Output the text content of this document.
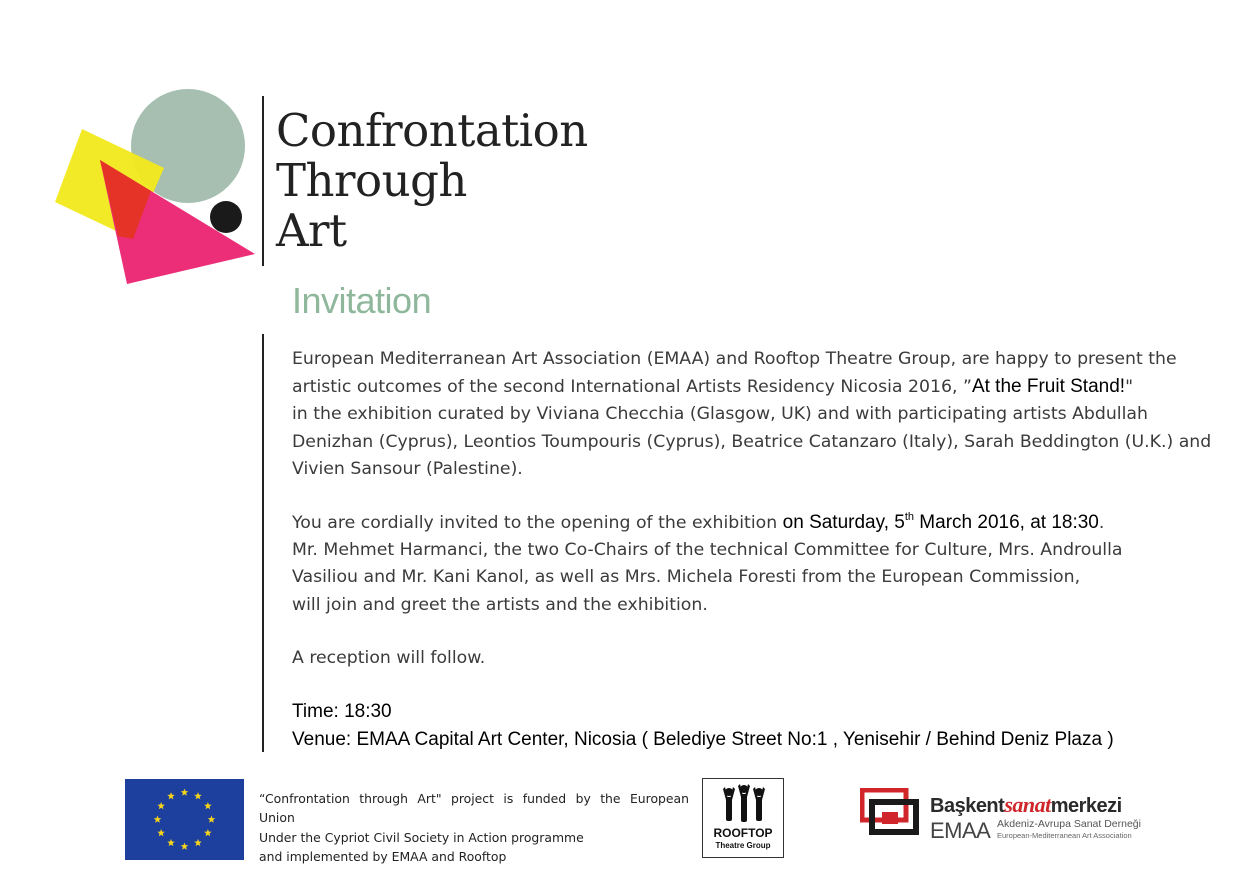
Confrontation
Through
Art
Invitation

European Mediterranean Art Association (EMAA) and Rooftop Theatre Group, are happy to present the

artistic outcomes of the second International Artists Residency Nicosia 2016, ”At the Fruit Stand!"

in the exhibition curated by Viviana Checchia (Glasgow, UK) and with participating artists Abdullah

Denizhan (Cyprus), Leontios Toumpouris (Cyprus), Beatrice Catanzaro (Italy), Sarah Beddington (U.K.) and

Vivien Sansour (Palestine).

You are cordially invited to the opening of the exhibition on Saturday, 5th March 2016, at 18:30.

Mr. Mehmet Harmanci, the two Co-Chairs of the technical Committee for Culture, Mrs. Androulla

Vasiliou and Mr. Kani Kanol, as well as Mrs. Michela Foresti from the European Commission,

will join and greet the artists and the exhibition.

A reception will follow.

Time: 18:30

Venue: EMAA Capital Art Center, Nicosia ( Belediye Street No:1 , Yenisehir / Behind Deniz Plaza )

“Confrontation through Art" project is funded by the European
Union
Under the Cypriot Civil Society in Action programme
and implemented by EMAA and Rooftop
ROOFTOP
Theatre Group
Başkentsanatmerkezi
EMAA Akdeniz-Avrupa Sanat Derneği
European-Mediterranean Art Association
